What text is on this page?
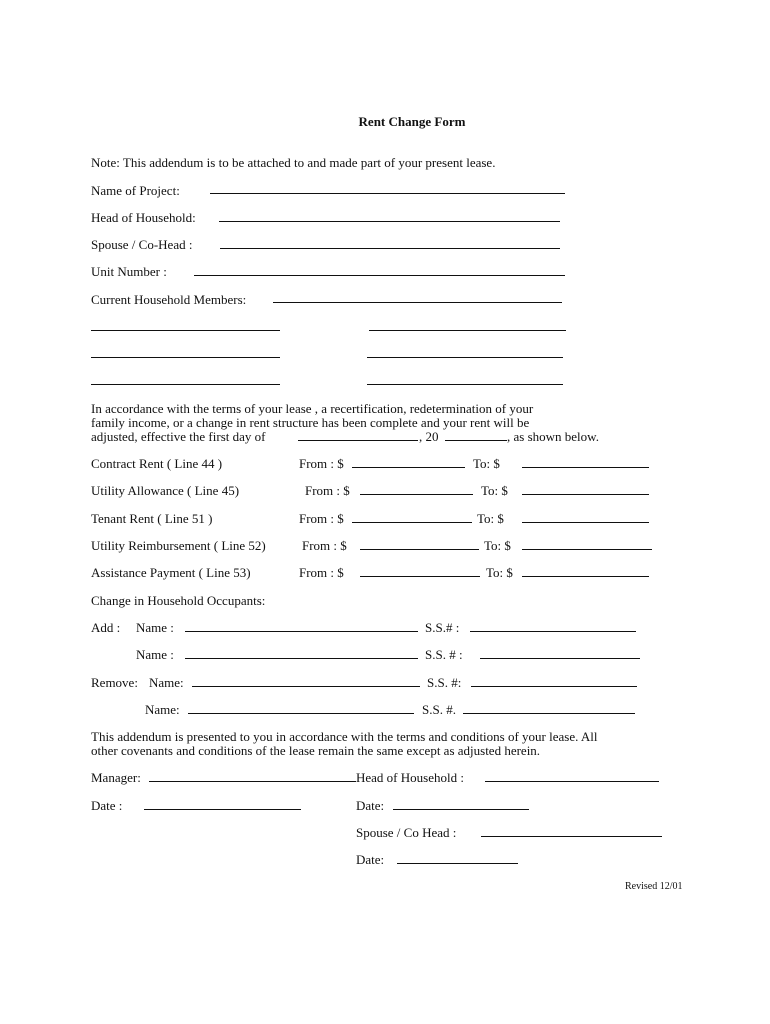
Rent Change Form
Note: This addendum is to be attached to and made part of your present lease.
Name of Project:
Head of Household:
Spouse / Co-Head :
Unit Number :
Current Household Members:
In accordance with the terms of your lease , a recertification, redetermination of your
family income, or a change in rent structure has been complete and your rent will be
adjusted, effective the first day of	, 20	, as shown below.
Contract Rent ( Line 44 )	From : $	To: $
Utility Allowance ( Line 45)	From : $	To: $
Tenant Rent ( Line 51 )	From : $	To: $
Utility Reimbursement ( Line 52)	From : $	To: $
Assistance Payment ( Line 53)	From : $	To: $
Change in Household Occupants:
Add : Name :	S.S.# :
Name :	S.S. # :
Remove: Name:	S.S. #:
Name:	S.S. #.
This addendum is presented to you in accordance with the terms and conditions of your lease. All
other covenants and conditions of the lease remain the same except as adjusted herein.
Manager:	Head of Household :
Date :	Date:
Spouse / Co Head :
Date:
Revised 12/01
